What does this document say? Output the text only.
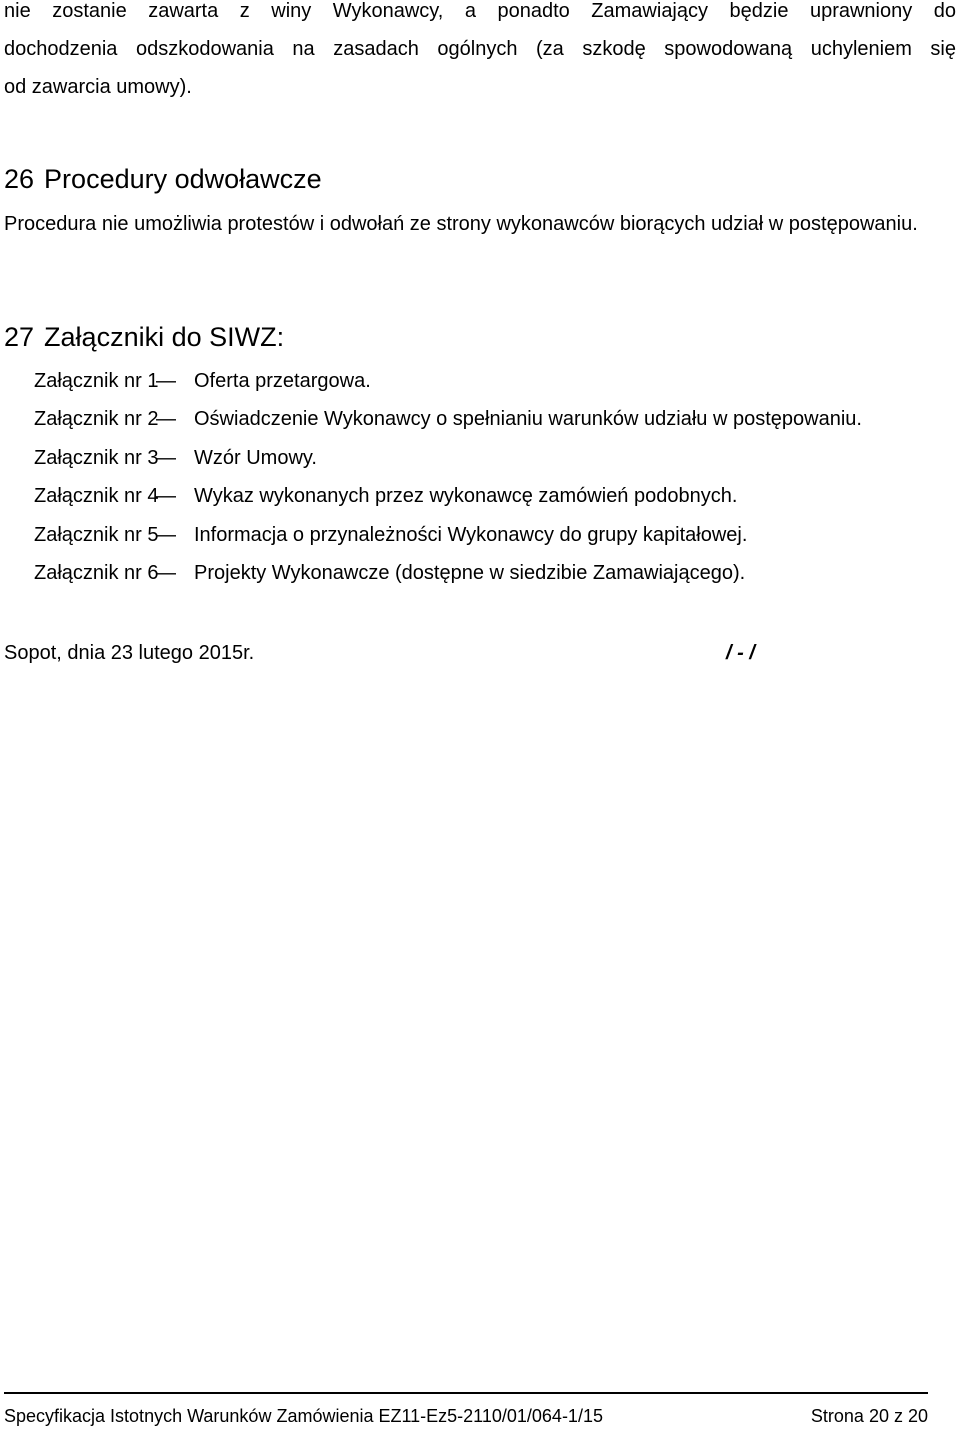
nie zostanie zawarta z winy Wykonawcy, a ponadto Zamawiający będzie uprawniony do
dochodzenia odszkodowania na zasadach ogólnych (za szkodę spowodowaną uchyleniem się
od zawarcia umowy).
26 Procedury odwoławcze
Procedura nie umożliwia protestów i odwołań ze strony wykonawców biorących udział w postępowaniu.
27 Załączniki do SIWZ:
Załącznik nr 1— Oferta przetargowa.
Załącznik nr 2— Oświadczenie Wykonawcy o spełnianiu warunków udziału w postępowaniu.
Załącznik nr 3— Wzór Umowy.
Załącznik nr 4— Wykaz wykonanych przez wykonawcę zamówień podobnych.
Załącznik nr 5— Informacja o przynależności Wykonawcy do grupy kapitałowej.
Załącznik nr 6— Projekty Wykonawcze (dostępne w siedzibie Zamawiającego).
Sopot, dnia 23 lutego 2015r.	/ - /
Specyfikacja Istotnych Warunków Zamówienia EZ11-Ez5-2110/01/064-1/15	Strona 20 z 20
